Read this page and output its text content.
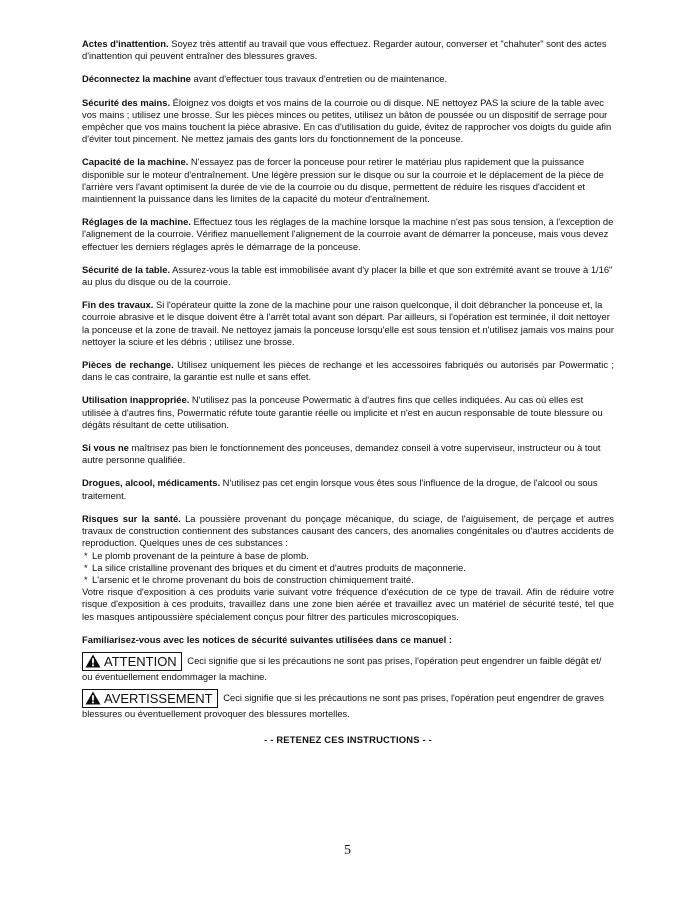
Actes d'inattention. Soyez très attentif au travail que vous effectuez. Regarder autour, converser et "chahuter" sont des actes d'inattention qui peuvent entraîner des blessures graves.

Déconnectez la machine avant d'effectuer tous travaux d'entretien ou de maintenance.

Sécurité des mains. Éloignez vos doigts et vos mains de la courroie ou di disque. NE nettoyez PAS la sciure de la table avec vos mains ; utilisez une brosse. Sur les pièces minces ou petites, utilisez un bâton de poussée ou un dispositif de serrage pour empêcher que vos mains touchent la pièce abrasive. En cas d'utilisation du guide, évitez de rapprocher vos doigts du guide afin d'éviter tout pincement. Ne mettez jamais des gants lors du fonctionnement de la ponceuse.

Capacité de la machine. N'essayez pas de forcer la ponceuse pour retirer le matériau plus rapidement que la puissance disponible sur le moteur d'entraînement. Une légère pression sur le disque ou sur la courroie et le déplacement de la pièce de l'arrière vers l'avant optimisent la durée de vie de la courroie ou du disque, permettent de réduire les risques d'accident et maintiennent la puissance dans les limites de la capacité du moteur d'entraînement.

Réglages de la machine. Effectuez tous les réglages de la machine lorsque la machine n'est pas sous tension, à l'exception de l'alignement de la courroie. Vérifiez manuellement l'alignement de la courroie avant de démarrer la ponceuse, mais vous devez effectuer les derniers réglages après le démarrage de la ponceuse.

Sécurité de la table. Assurez-vous la table est immobilisée avant d'y placer la bille et que son extrémité avant se trouve à 1/16" au plus du disque ou de la courroie.

Fin des travaux. Si l'opérateur quitte la zone de la machine pour une raison quelconque, il doit débrancher la ponceuse et, la courroie abrasive et le disque doivent être à l'arrêt total avant son départ. Par ailleurs, si l'opération est terminée, il doit nettoyer la ponceuse et la zone de travail. Ne nettoyez jamais la ponceuse lorsqu'elle est sous tension et n'utilisez jamais vos mains pour nettoyer la sciure et les débris ; utilisez une brosse.

Pièces de rechange. Utilisez uniquement les pièces de rechange et les accessoires fabriqués ou autorisés par Powermatic ; dans le cas contraire, la garantie est nulle et sans effet.

Utilisation inappropriée. N'utilisez pas la ponceuse Powermatic à d'autres fins que celles indiquées. Au cas où elles est utilisée à d'autres fins, Powermatic réfute toute garantie réelle ou implicite et n'est en aucun responsable de toute blessure ou dégâts résultant de cette utilisation.

Si vous ne maîtrisez pas bien le fonctionnement des ponceuses, demandez conseil à votre superviseur, instructeur ou à tout autre personne qualifiée.

Drogues, alcool, médicaments. N'utilisez pas cet engin lorsque vous êtes sous l'influence de la drogue, de l'alcool ou sous traitement.

Risques sur la santé. La poussière provenant du ponçage mécanique, du sciage, de l'aiguisement, de perçage et autres travaux de construction contiennent des substances causant des cancers, des anomalies congénitales ou d'autres accidents de reproduction. Quelques unes de ces substances :
* Le plomb provenant de la peinture à base de plomb.
* La silice cristalline provenant des briques et du ciment et d'autres produits de maçonnerie.
* L'arsenic et le chrome provenant du bois de construction chimiquement traité.
Votre risque d'exposition à ces produits varie suivant votre fréquence d'exécution de ce type de travail. Afin de réduire votre risque d'exposition à ces produits, travaillez dans une zone bien aérée et travaillez avec un matériel de sécurité testé, tel que les masques antipoussière spécialement conçus pour filtrer des particules microscopiques.

Familiarisez-vous avec les notices de sécurité suivantes utilisées dans ce manuel :

ATTENTION Ceci signifie que si les précautions ne sont pas prises, l'opération peut engendrer un faible dégât et/ ou éventuellement endommager la machine.

AVERTISSEMENT Ceci signifie que si les précautions ne sont pas prises, l'opération peut engendrer de graves blessures ou éventuellement provoquer des blessures mortelles.

- - RETENEZ CES INSTRUCTIONS - -

5
